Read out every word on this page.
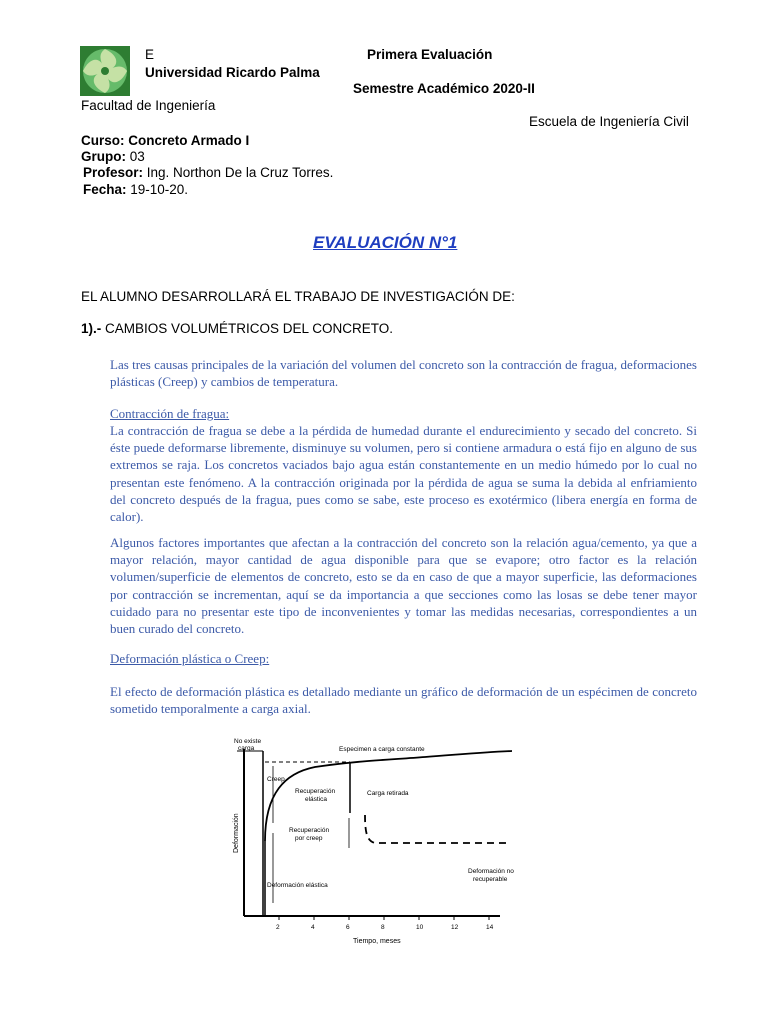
E	Primera Evaluación
Universidad Ricardo Palma
Semestre Académico 2020-II
Facultad de Ingeniería
Escuela de Ingeniería Civil
Curso: Concreto Armado I
Grupo: 03
Profesor: Ing. Northon De la Cruz Torres.
Fecha: 19-10-20.
EVALUACIÓN N°1
EL ALUMNO DESARROLLARÁ EL TRABAJO DE INVESTIGACIÓN DE:
1).- CAMBIOS VOLUMÉTRICOS DEL CONCRETO.
Las tres causas principales de la variación del volumen del concreto son la contracción de fragua, deformaciones plásticas (Creep) y cambios de temperatura.
Contracción de fragua:
La contracción de fragua se debe a la pérdida de humedad durante el endurecimiento y secado del concreto. Si éste puede deformarse libremente, disminuye su volumen, pero si contiene armadura o está fijo en alguno de sus extremos se raja. Los concretos vaciados bajo agua están constantemente en un medio húmedo por lo cual no presentan este fenómeno. A la contracción originada por la pérdida de agua se suma la debida al enfriamiento del concreto después de la fragua, pues como se sabe, este proceso es exotérmico (libera energía en forma de calor).
Algunos factores importantes que afectan a la contracción del concreto son la relación agua/cemento, ya que a mayor relación, mayor cantidad de agua disponible para que se evapore; otro factor es la relación volumen/superficie de elementos de concreto, esto se da en caso de que a mayor superficie, las deformaciones por contracción se incrementan, aquí se da importancia a que secciones como las losas se debe tener mayor cuidado para no presentar este tipo de inconvenientes y tomar las medidas necesarias, correspondientes a un buen curado del concreto.
Deformación plástica o Creep:
El efecto de deformación plástica es detallado mediante un gráfico de deformación de un espécimen de concreto sometido temporalmente a carga axial.
2	4	6	8	10	12	14
Deformación
Tiempo, meses
No existe
carga	Especimen a carga constante
Creep
Recuperación
elástica
Carga retirada
Recuperación
por creep
Deformación no
recuperable
Deformación elástica
